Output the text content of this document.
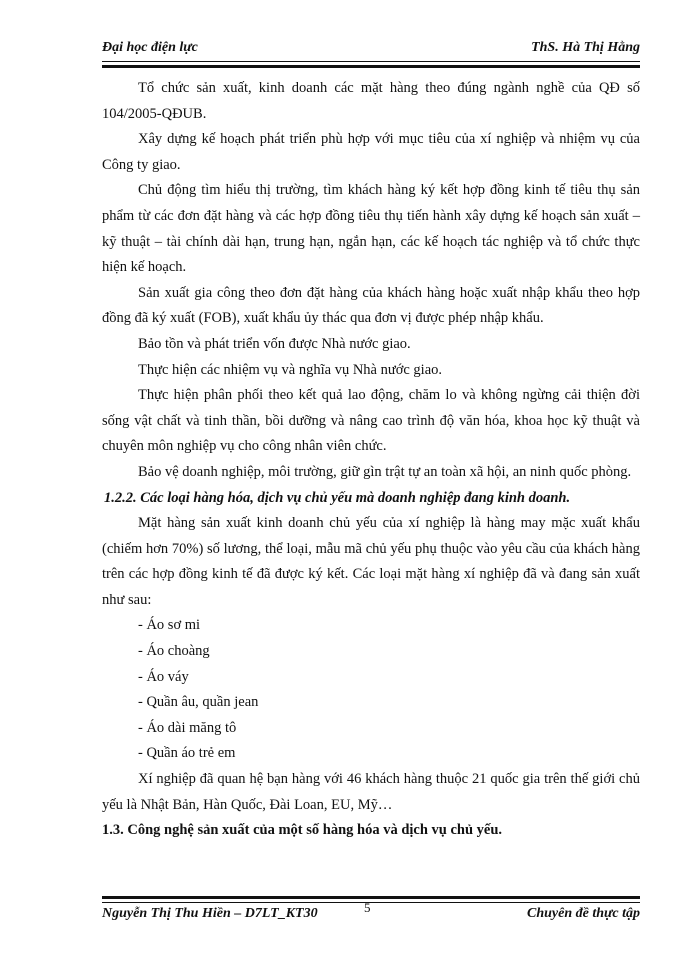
Đại học điện lực	ThS. Hà Thị Hằng

Tổ chức sản xuất, kinh doanh các mặt hàng theo đúng ngành nghề của QĐ số 104/2005-QĐUB.

Xây dựng kế hoạch phát triển phù hợp với mục tiêu của xí nghiệp và nhiệm vụ của Công ty giao.

Chủ động tìm hiểu thị trường, tìm khách hàng ký kết hợp đồng kinh tế tiêu thụ sản phẩm từ các đơn đặt hàng và các hợp đồng tiêu thụ tiến hành xây dựng kế hoạch sản xuất – kỹ thuật – tài chính dài hạn, trung hạn, ngắn hạn, các kế hoạch tác nghiệp và tổ chức thực hiện kế hoạch.

Sản xuất gia công theo đơn đặt hàng của khách hàng hoặc xuất nhập khẩu theo hợp đồng đã ký xuất (FOB), xuất khẩu ủy thác qua đơn vị được phép nhập khẩu.

Bảo tồn và phát triển vốn được Nhà nước giao.

Thực hiện các nhiệm vụ và nghĩa vụ Nhà nước giao.

Thực hiện phân phối theo kết quả lao động, chăm lo và không ngừng cải thiện đời sống vật chất và tinh thần, bồi dưỡng và nâng cao trình độ văn hóa, khoa học kỹ thuật và chuyên môn nghiệp vụ cho công nhân viên chức.

Bảo vệ doanh nghiệp, môi trường, giữ gìn trật tự an toàn xã hội, an ninh quốc phòng.

1.2.2. Các loại hàng hóa, dịch vụ chủ yếu mà doanh nghiệp đang kinh doanh.

Mặt hàng sản xuất kinh doanh chủ yếu của xí nghiệp là hàng may mặc xuất khẩu (chiếm hơn 70%) số lương, thể loại, mẫu mã chủ yếu phụ thuộc vào yêu cầu của khách hàng trên các hợp đồng kinh tế đã được ký kết. Các loại mặt hàng xí nghiệp đã và đang sản xuất như sau:

- Áo sơ mi
- Áo choàng
- Áo váy
- Quần âu, quần jean
- Áo dài măng tô
- Quần áo trẻ em

Xí nghiệp đã quan hệ bạn hàng với 46 khách hàng thuộc 21 quốc gia trên thế giới chủ yếu là Nhật Bản, Hàn Quốc, Đài Loan, EU, Mỹ…

1.3. Công nghệ sản xuất của một số hàng hóa và dịch vụ chủ yếu.
Nguyễn Thị Thu Hiền – D7LT_KT30	5	Chuyên đề thực tập
